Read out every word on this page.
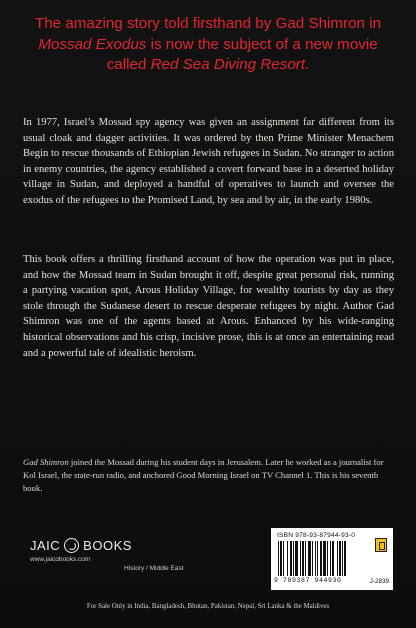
The amazing story told firsthand by Gad Shimron in Mossad Exodus is now the subject of a new movie called Red Sea Diving Resort.

In 1977, Israel’s Mossad spy agency was given an assignment far different from its usual cloak and dagger activities. It was ordered by then Prime Minister Menachem Begin to rescue thousands of Ethiopian Jewish refugees in Sudan. No stranger to action in enemy countries, the agency established a covert forward base in a deserted holiday village in Sudan, and deployed a handful of operatives to launch and oversee the exodus of the refugees to the Promised Land, by sea and by air, in the early 1980s.

This book offers a thrilling firsthand account of how the operation was put in place, and how the Mossad team in Sudan brought it off, despite great personal risk, running a partying vacation spot, Arous Holiday Village, for wealthy tourists by day as they stole through the Sudanese desert to rescue desperate refugees by night. Author Gad Shimron was one of the agents based at Arous. Enhanced by his wide-ranging historical observations and his crisp, incisive prose, this is at once an entertaining read and a powerful tale of idealistic heroism.

Gad Shimron joined the Mossad during his student days in Jerusalem. Later he worked as a journalist for Kol Israel, the state-run radio, and anchored Good Morning Israel on TV Channel 1. This is his seventh book.

JAIC BOOKS
www.jaicobooks.com
History / Middle East
ISBN 978-93-87944-93-0
9 789387 944930	J-2839
For Sale Only in India, Bangladesh, Bhutan, Pakistan, Nepal, Sri Lanka & the Maldives
